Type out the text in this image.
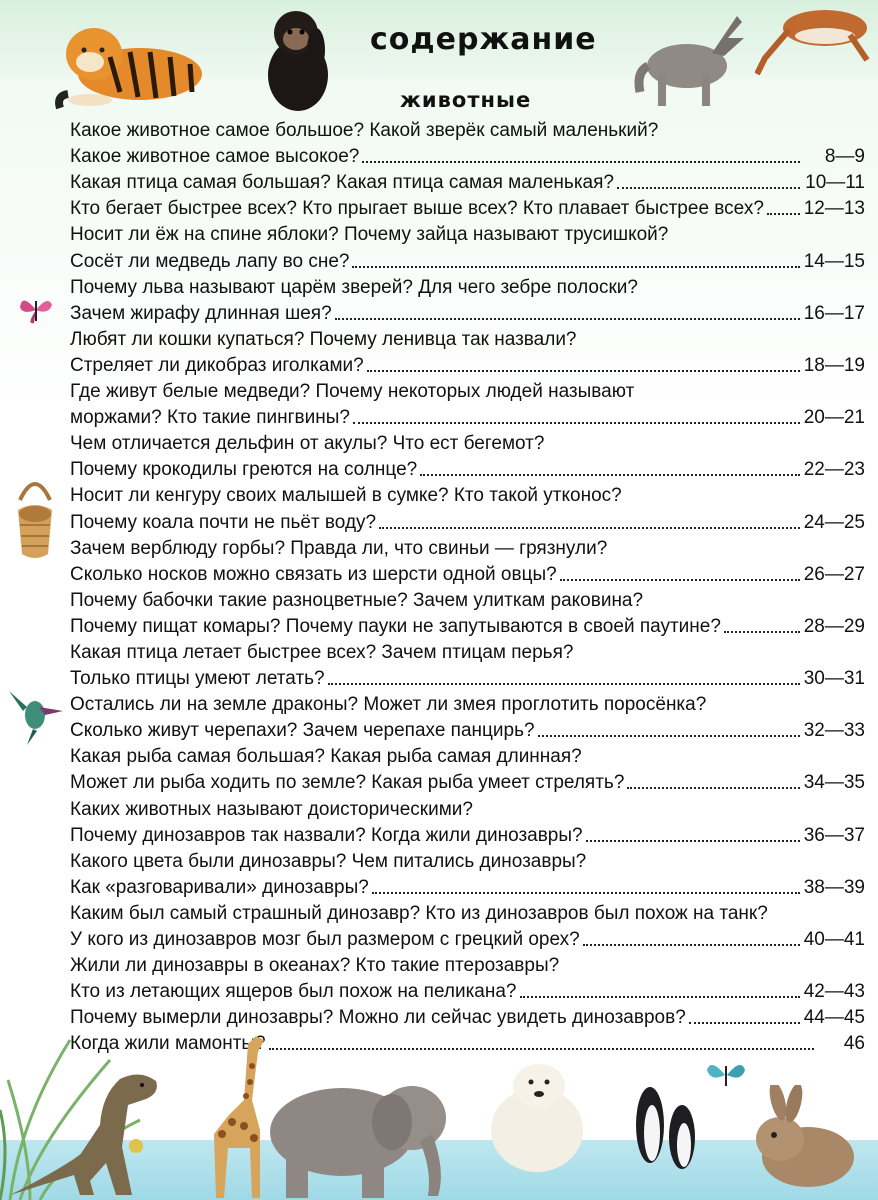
содержание
животные
Какое животное самое большое? Какой зверёк самый маленький?
Какое животное самое высокое?	8—9
Какая птица самая большая? Какая птица самая маленькая?	10—11
Кто бегает быстрее всех? Кто прыгает выше всех? Кто плавает быстрее всех? 12—13
Носит ли ёж на спине яблоки? Почему зайца называют трусишкой?
Сосёт ли медведь лапу во сне?	14—15
Почему льва называют царём зверей? Для чего зебре полоски?
Зачем жирафу длинная шея?	16—17
Любят ли кошки купаться? Почему ленивца так назвали?
Стреляет ли дикобраз иголками?	18—19
Где живут белые медведи? Почему некоторых людей называют
моржами? Кто такие пингвины?	20—21
Чем отличается дельфин от акулы? Что ест бегемот?
Почему крокодилы греются на солнце?	22—23
Носит ли кенгуру своих малышей в сумке? Кто такой утконос?
Почему коала почти не пьёт воду?	24—25
Зачем верблюду горбы? Правда ли, что свиньи — грязнули?
Сколько носков можно связать из шерсти одной овцы?	26—27
Почему бабочки такие разноцветные? Зачем улиткам раковина?
Почему пищат комары? Почему пауки не запутываются в своей паутине?	28—29
Какая птица летает быстрее всех? Зачем птицам перья?
Только птицы умеют летать?	30—31
Остались ли на земле драконы? Может ли змея проглотить поросёнка?
Сколько живут черепахи? Зачем черепахе панцирь?	32—33
Какая рыба самая большая? Какая рыба самая длинная?
Может ли рыба ходить по земле? Какая рыба умеет стрелять?	34—35
Каких животных называют доисторическими?
Почему динозавров так назвали? Когда жили динозавры?	36—37
Какого цвета были динозавры? Чем питались динозавры?
Как «разговаривали» динозавры?	38—39
Каким был самый страшный динозавр? Кто из динозавров был похож на танк?
У кого из динозавров мозг был размером с грецкий орех?	40—41
Жили ли динозавры в океанах? Кто такие птерозавры?
Кто из летающих ящеров был похож на пеликана?	42—43
Почему вымерли динозавры? Можно ли сейчас увидеть динозавров?	44—45
Когда жили мамонты?	46
